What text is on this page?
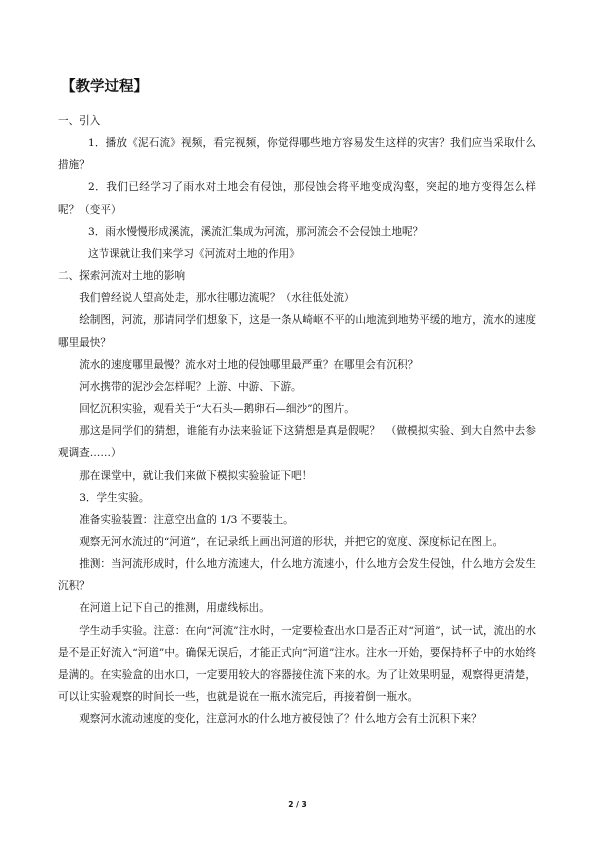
【教学过程】

一、引入

1．播放《泥石流》视频，看完视频，你觉得哪些地方容易发生这样的灾害？我们应当采取什么措施？

2．我们已经学习了雨水对土地会有侵蚀，那侵蚀会将平地变成沟壑，突起的地方变得怎么样呢？（变平）

3．雨水慢慢形成溪流，溪流汇集成为河流，那河流会不会侵蚀土地呢？

这节课就让我们来学习《河流对土地的作用》

二、探索河流对土地的影响

我们曾经说人望高处走，那水往哪边流呢？（水往低处流）

绘制图，河流，那请同学们想象下，这是一条从崎岖不平的山地流到地势平缓的地方，流水的速度哪里最快？

流水的速度哪里最慢？流水对土地的侵蚀哪里最严重？在哪里会有沉积？

河水携带的泥沙会怎样呢？上游、中游、下游。

回忆沉积实验，观看关于“大石头—鹅卵石—细沙”的图片。

那这是同学们的猜想，谁能有办法来验证下这猜想是真是假呢？　（做模拟实验、到大自然中去参观调查……）

那在课堂中，就让我们来做下模拟实验验证下吧！

3．学生实验。

准备实验装置：注意空出盒的 1/3 不要装土。

观察无河水流过的“河道”，在记录纸上画出河道的形状，并把它的宽度、深度标记在图上。

推测：当河流形成时，什么地方流速大，什么地方流速小，什么地方会发生侵蚀，什么地方会发生沉积？

在河道上记下自己的推测，用虚线标出。

学生动手实验。注意：在向“河流”注水时，一定要检查出水口是否正对“河道”，试一试，流出的水是不是正好流入“河道”中。确保无误后，才能正式向“河道”注水。注水一开始，要保持杯子中的水始终是满的。在实验盒的出水口，一定要用较大的容器接住流下来的水。为了让效果明显，观察得更清楚，可以让实验观察的时间长一些，也就是说在一瓶水流完后，再接着倒一瓶水。

观察河水流动速度的变化，注意河水的什么地方被侵蚀了？什么地方会有土沉积下来？

2 / 3
